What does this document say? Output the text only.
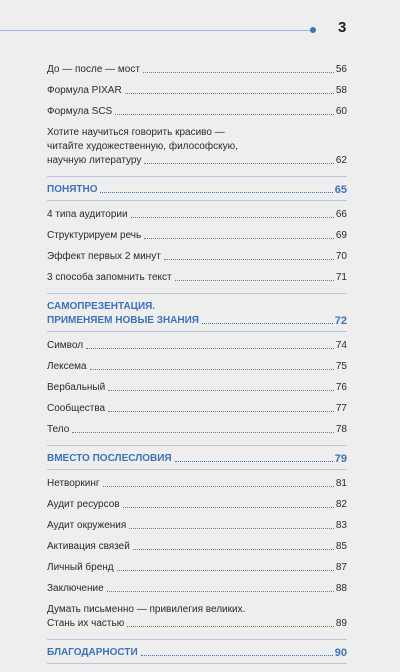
3
До — после — мост	56
Формула PIXAR	58
Формула SCS	60
Хотите научиться говорить красиво —
читайте художественную, философскую,
научную литературу	62
ПОНЯТНО	65
4 типа аудитории	66
Структурируем речь	69
Эффект первых 2 минут	70
3 способа запомнить текст	71
САМОПРЕЗЕНТАЦИЯ.
ПРИМЕНЯЕМ НОВЫЕ ЗНАНИЯ	72
Символ	74
Лексема	75
Вербальный	76
Сообщества	77
Тело	78
ВМЕСТО ПОСЛЕСЛОВИЯ	79
Нетворкинг	81
Аудит ресурсов	82
Аудит окружения	83
Активация связей	85
Личный бренд	87
Заключение	88
Думать письменно — привилегия великих.
Стань их частью	89
БЛАГОДАРНОСТИ	90
